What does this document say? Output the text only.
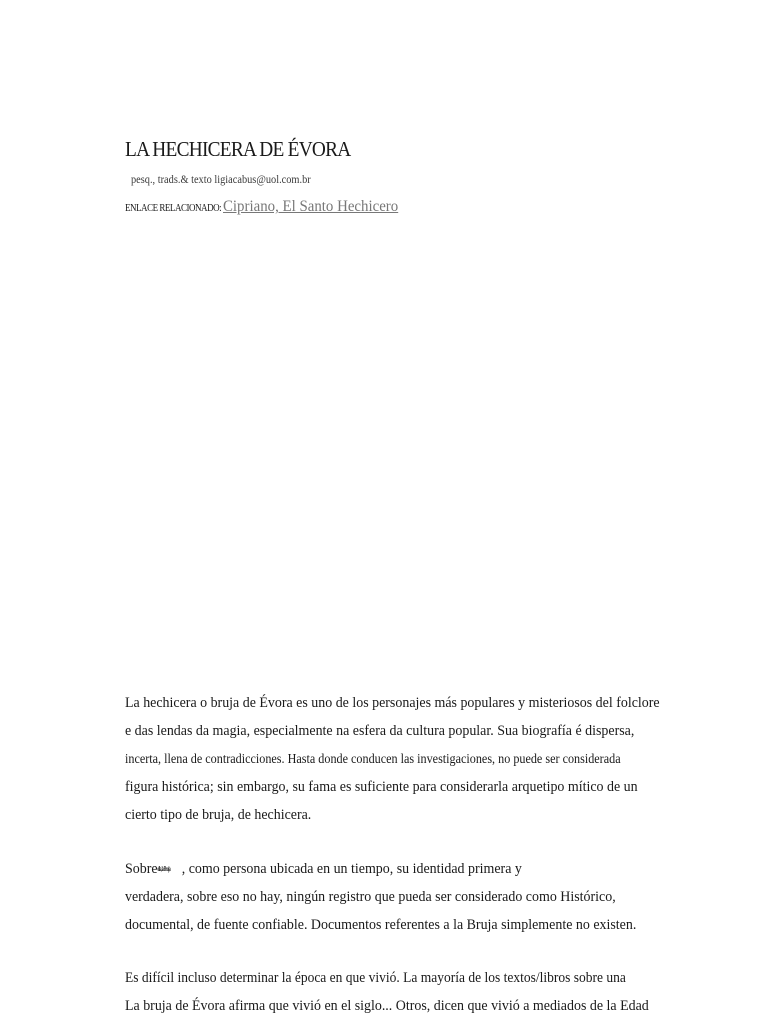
LA HECHICERA DE ÉVORA
pesq., trads.& texto ligiacabus@uol.com.br
ENLACE RELACIONADO: Cipriano, El Santo Hechicero
La hechicera o bruja de Évora es uno de los personajes más populares y misteriosos del folclore
e das lendas da magia, especialmente na esfera da cultura popular. Sua biografía é dispersa,
incerta, llena de contradicciones. Hasta donde conducen las investigaciones, no puede ser considerada
figura histórica; sin embargo, su fama es suficiente para considerarla arquetipo mítico de un
cierto tipo de bruja, de hechicera.
Sobreella, la Bruja , como persona ubicada en un tiempo, su identidad primera y
verdadera, sobre eso no hay, ningún registro que pueda ser considerado como Histórico,
documental, de fuente confiable. Documentos referentes a la Bruja simplemente no existen.
Es difícil incluso determinar la época en que vivió. La mayoría de los textos/libros sobre una
La bruja de Évora afirma que vivió en el siglo... Otros, dicen que vivió a mediados de la Edad
